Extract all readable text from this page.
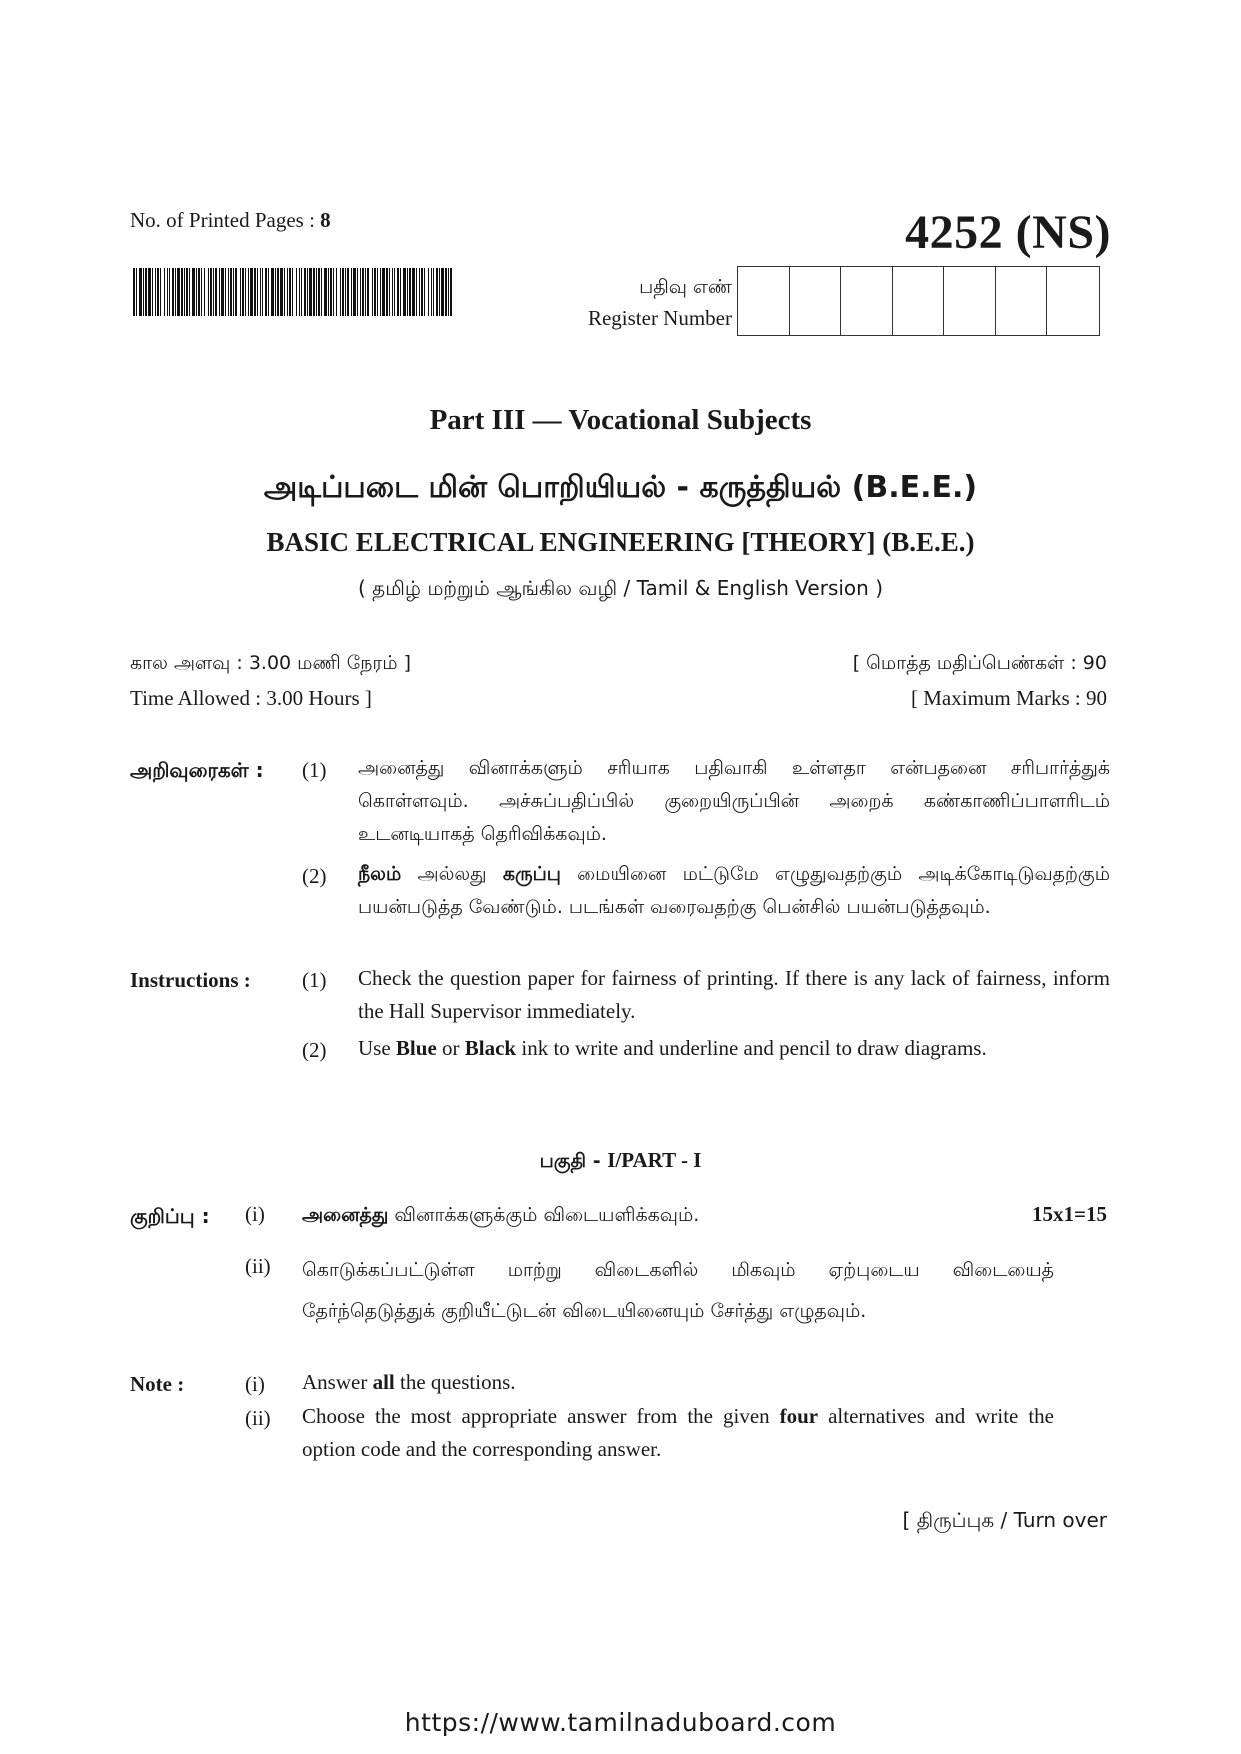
No. of Printed Pages : 8	4252 (NS)
பதிவு எண்
Register Number
Part III — Vocational Subjects
அடிப்படை மின் பொறியியல் - கருத்தியல் (B.E.E.)
BASIC ELECTRICAL ENGINEERING [THEORY] (B.E.E.)
( தமிழ் மற்றும் ஆங்கில வழி / Tamil & English Version )
கால அளவு : 3.00 மணி நேரம் ]	[ மொத்த மதிப்பெண்கள் : 90
Time Allowed : 3.00 Hours ]	[ Maximum Marks : 90
அறிவுரைகள் : (1) அனைத்து வினாக்களும் சரியாக பதிவாகி உள்ளதா என்பதனை சரிபார்த்துக் கொள்ளவும். அச்சுப்பதிப்பில் குறையிருப்பின் அறைக் கண்காணிப்பாளரிடம் உடனடியாகத் தெரிவிக்கவும்.
(2) நீலம் அல்லது கருப்பு மையினை மட்டுமே எழுதுவதற்கும் அடிக்கோடிடுவதற்கும் பயன்படுத்த வேண்டும். படங்கள் வரைவதற்கு பென்சில் பயன்படுத்தவும்.
Instructions : (1) Check the question paper for fairness of printing. If there is any lack of fairness, inform the Hall Supervisor immediately.
(2) Use Blue or Black ink to write and underline and pencil to draw diagrams.
பகுதி - I/PART - I
15x1=15
குறிப்பு : (i) அனைத்து வினாக்களுக்கும் விடையளிக்கவும்.
(ii) கொடுக்கப்பட்டுள்ள மாற்று விடைகளில் மிகவும் ஏற்புடைய விடையைத் தேர்ந்தெடுத்துக் குறியீட்டுடன் விடையினையும் சேர்த்து எழுதவும்.
Note :	(i) Answer all the questions.
(ii) Choose the most appropriate answer from the given four alternatives and write the option code and the corresponding answer.
[ திருப்புக / Turn over
https://www.tamilnaduboard.com
